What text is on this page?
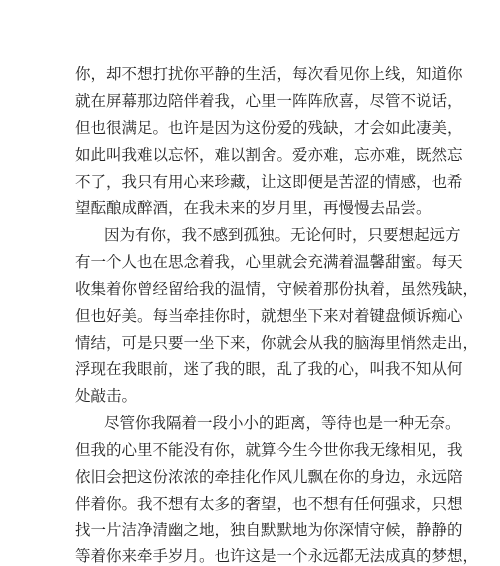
你，却不想打扰你平静的生活，每次看见你上线，知道你
就在屏幕那边陪伴着我，心里一阵阵欣喜，尽管不说话，
但也很满足。也许是因为这份爱的残缺，才会如此凄美，
如此叫我难以忘怀，难以割舍。爱亦难，忘亦难，既然忘
不了，我只有用心来珍藏，让这即便是苦涩的情感，也希
望酝酿成醉酒，在我未来的岁月里，再慢慢去品尝。
因为有你，我不感到孤独。无论何时，只要想起远方
有一个人也在思念着我，心里就会充满着温馨甜蜜。每天
收集着你曾经留给我的温情，守候着那份执着，虽然残缺，
但也好美。每当牵挂你时，就想坐下来对着键盘倾诉痴心
情结，可是只要一坐下来，你就会从我的脑海里悄然走出，
浮现在我眼前，迷了我的眼，乱了我的心，叫我不知从何
处敲击。
尽管你我隔着一段小小的距离，等待也是一种无奈。
但我的心里不能没有你，就算今生今世你我无缘相见，我
依旧会把这份浓浓的牵挂化作风儿飘在你的身边，永远陪
伴着你。我不想有太多的奢望，也不想有任何强求，只想
找一片洁净清幽之地，独自默默地为你深情守候，静静的
等着你来牵手岁月。也许这是一个永远都无法成真的梦想，
